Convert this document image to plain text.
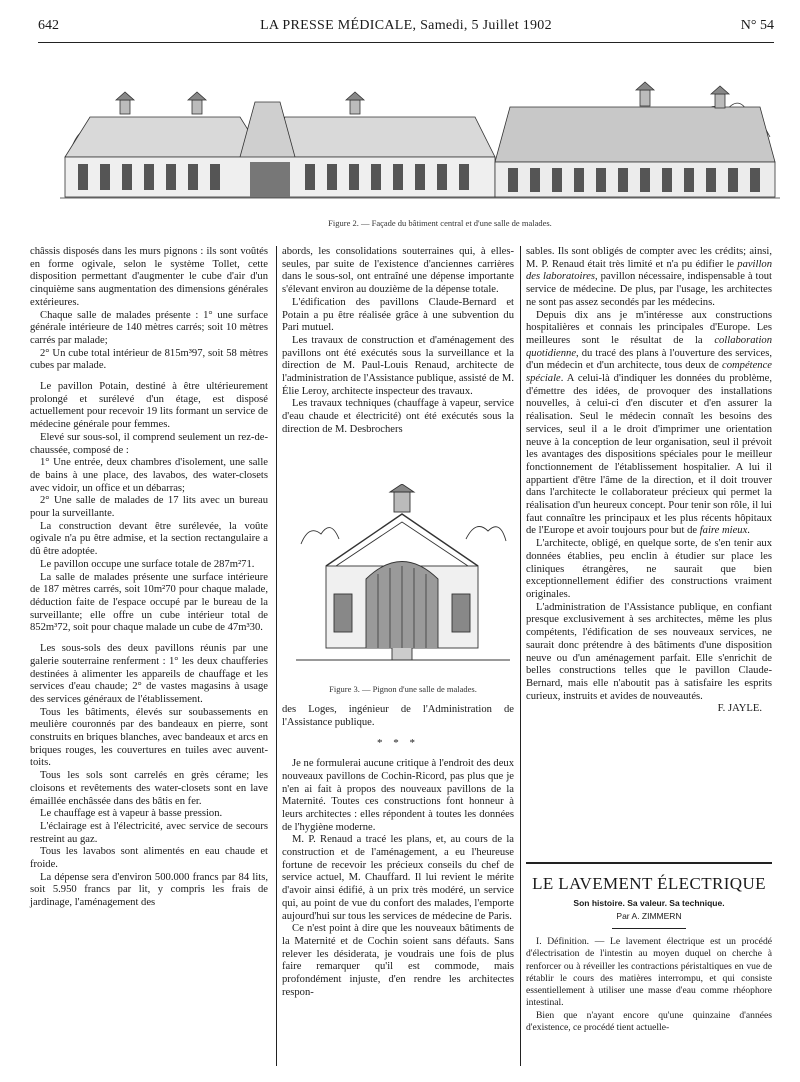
642	LA PRESSE MÉDICALE, Samedi, 5 Juillet 1902	N° 54
Figure 2. — Façade du bâtiment central et d'une salle de malades.

châssis disposés dans les murs pignons : ils sont voûtés en forme ogivale, selon le système Tollet, cette disposition permettant d'augmenter le cube d'air d'un cinquième sans augmentation des dimensions générales extérieures.

Chaque salle de malades présente : 1° une surface générale intérieure de 140 mètres carrés; soit 10 mètres carrés par malade;

2° Un cube total intérieur de 815m³97, soit 58 mètres cubes par malade.

Le pavillon Potain, destiné à être ultérieurement prolongé et surélevé d'un étage, est disposé actuellement pour recevoir 19 lits formant un service de médecine générale pour femmes.

Elevé sur sous-sol, il comprend seulement un rez-de-chaussée, composé de :

1° Une entrée, deux chambres d'isolement, une salle de bains à une place, des lavabos, des water-closets avec vidoir, un office et un débarras;

2° Une salle de malades de 17 lits avec un bureau pour la surveillante.

La construction devant être surélevée, la voûte ogivale n'a pu être admise, et la section rectangulaire a dû être adoptée.

Le pavillon occupe une surface totale de 287m²71.

La salle de malades présente une surface intérieure de 187 mètres carrés, soit 10m²70 pour chaque malade, déduction faite de l'espace occupé par le bureau de la surveillante; elle offre un cube intérieur total de 852m³72, soit pour chaque malade un cube de 47m³30.

Les sous-sols des deux pavillons réunis par une galerie souterraine renferment : 1° les deux chaufferies destinées à alimenter les appareils de chauffage et les services d'eau chaude; 2° de vastes magasins à usage des services généraux de l'établissement.

Tous les bâtiments, élevés sur soubassements en meulière couronnés par des bandeaux en pierre, sont construits en briques blanches, avec bandeaux et arcs en briques rouges, les couvertures en tuiles avec auvent-toits.

Tous les sols sont carrelés en grès cérame; les cloisons et revêtements des water-closets sont en lave émaillée enchâssée dans des bâtis en fer.

Le chauffage est à vapeur à basse pression.

L'éclairage est à l'électricité, avec service de secours restreint au gaz.

Tous les lavabos sont alimentés en eau chaude et froide.

La dépense sera d'environ 500.000 francs par 84 lits, soit 5.950 francs par lit, y compris les frais de jardinage, l'aménagement des

abords, les consolidations souterraines qui, à elles-seules, par suite de l'existence d'anciennes carrières dans le sous-sol, ont entraîné une dépense importante s'élevant environ au douzième de la dépense totale.

L'édification des pavillons Claude-Bernard et Potain a pu être réalisée grâce à une subvention du Pari mutuel.

Les travaux de construction et d'aménagement des pavillons ont été exécutés sous la surveillance et la direction de M. Paul-Louis Renaud, architecte de l'administration de l'Assistance publique, assisté de M. Élie Leroy, architecte inspecteur des travaux.

Les travaux techniques (chauffage à vapeur, service d'eau chaude et électricité) ont été exécutés sous la direction de M. Desbrochers

Figure 3. — Pignon d'une salle de malades.

des Loges, ingénieur de l'Administration de l'Assistance publique.

* * *

Je ne formulerai aucune critique à l'endroit des deux nouveaux pavillons de Cochin-Ricord, pas plus que je n'en ai fait à propos des nouveaux pavillons de la Maternité. Toutes ces constructions font honneur à leurs architectes : elles répondent à toutes les données de l'hygiène moderne.

M. P. Renaud a tracé les plans, et, au cours de la construction et de l'aménagement, a eu l'heureuse fortune de recevoir les précieux conseils du chef de service actuel, M. Chauffard. Il lui revient le mérite d'avoir ainsi édifié, à un prix très modéré, un service qui, au point de vue du confort des malades, l'emporte aujourd'hui sur tous les services de médecine de Paris.

Ce n'est point à dire que les nouveaux bâtiments de la Maternité et de Cochin soient sans défauts. Sans relever les désiderata, je voudrais une fois de plus faire remarquer qu'il est commode, mais profondément injuste, d'en rendre les architectes respon-

sables. Ils sont obligés de compter avec les crédits; ainsi, M. P. Renaud était très limité et n'a pu édifier le pavillon des laboratoires, pavillon nécessaire, indispensable à tout service de médecine. De plus, par l'usage, les architectes ne sont pas assez secondés par les médecins.

Depuis dix ans je m'intéresse aux constructions hospitalières et connais les principales d'Europe. Les meilleures sont le résultat de la collaboration quotidienne, du tracé des plans à l'ouverture des services, d'un médecin et d'un architecte, tous deux de compétence spéciale. A celui-là d'indiquer les données du problème, d'émettre des idées, de provoquer des installations nouvelles, à celui-ci d'en discuter et d'en assurer la réalisation. Seul le médecin connaît les besoins des services, seul il a le droit d'imprimer une orientation neuve à la conception de leur organisation, seul il prévoit les avantages des dispositions spéciales pour le meilleur fonctionnement de l'établissement hospitalier. A lui il appartient d'être l'âme de la direction, et il doit trouver dans l'architecte le collaborateur précieux qui permet la réalisation d'un heureux concept. Pour tenir son rôle, il lui faut connaître les principaux et les plus récents hôpitaux de l'Europe et avoir toujours pour but de faire mieux.

L'architecte, obligé, en quelque sorte, de s'en tenir aux données établies, peu enclin à étudier sur place les cliniques étrangères, ne saurait que bien exceptionnellement édifier des constructions vraiment originales.

L'administration de l'Assistance publique, en confiant presque exclusivement à ses architectes, même les plus compétents, l'édification de ses nouveaux services, ne saurait donc prétendre à des bâtiments d'une disposition neuve ou d'un aménagement parfait. Elle s'enrichit de belles constructions telles que le pavillon Claude-Bernard, mais elle n'aboutit pas à satisfaire les esprits curieux, instruits et avides de nouveautés.

F. JAYLE.
LE LAVEMENT ÉLECTRIQUE
Son histoire. Sa valeur. Sa technique.
Par A. ZIMMERN

I. Définition. — Le lavement électrique est un procédé d'électrisation de l'intestin au moyen duquel on cherche à renforcer ou à réveiller les contractions péristaltiques en vue de rétablir le cours des matières interrompu, et qui consiste essentiellement à utiliser une masse d'eau comme rhéophore intestinal.

Bien que n'ayant encore qu'une quinzaine d'années d'existence, ce procédé tient actuelle-
